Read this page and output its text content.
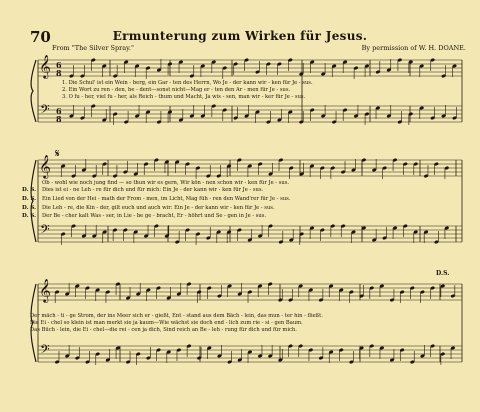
70	Ermunterung zum Wirken für Jesus.
From "The Silver Spray."	By permission of W. H. DOANE.
𝄞
𝄢
6
8
6
8
𝄞
𝄢
𝄋
𝄞
𝄢
1. Die Schul' ist ein Wein - berg, ein Gar - ten des Herrn, Wo Je - der kann wir - ken für Je - sus.
2. Ein Wort zu ren - den, be - dent—sonst nicht—Mag er - ten den Ar - men für Je - sus.
3. O fu - her, viel fu - her, als Reich - thum und Macht, Ja wis - sen, man wir - ker für Je - sus.
Ob - wohl wie noch jung find — so thun wir es gern, Wir kön - nen schon wir - ken für Je - sus.
D. S. Dies ist ei - ne Leh - re für dich und für mich: Ein Je - der kann wir - ken für Je - sus.
D. S. Ein Lied von der Hei - math der From - men, im Licht, Mag füh - ren den Wand'rer für Je - sus.
D. S. Die Leh - re, die Kin - der, gilt euch und auch wir: Ein Je - der kann wir - ken für Je - sus.
D. S. Der Be - cher kalt Was - ser, in Lie - be ge - bracht, Er - höhrt und Se - gen in Je - sus.
Der mäch - ti - ge Strom, der ins Meer sich er - gießt, Ent - stand aus dem Bäch - lein, das mun - ter hin - fließt.
Die Ei - chel so klein ist man merkt sie ja kaum—Wie wächst sie doch end - lich zum rie - si - gen Baum.
Das Büch - lein, die Ei - chel—die rei - cen ja dich, Sind reich an Be - leh - rung für dich und für mich.
D.S.
